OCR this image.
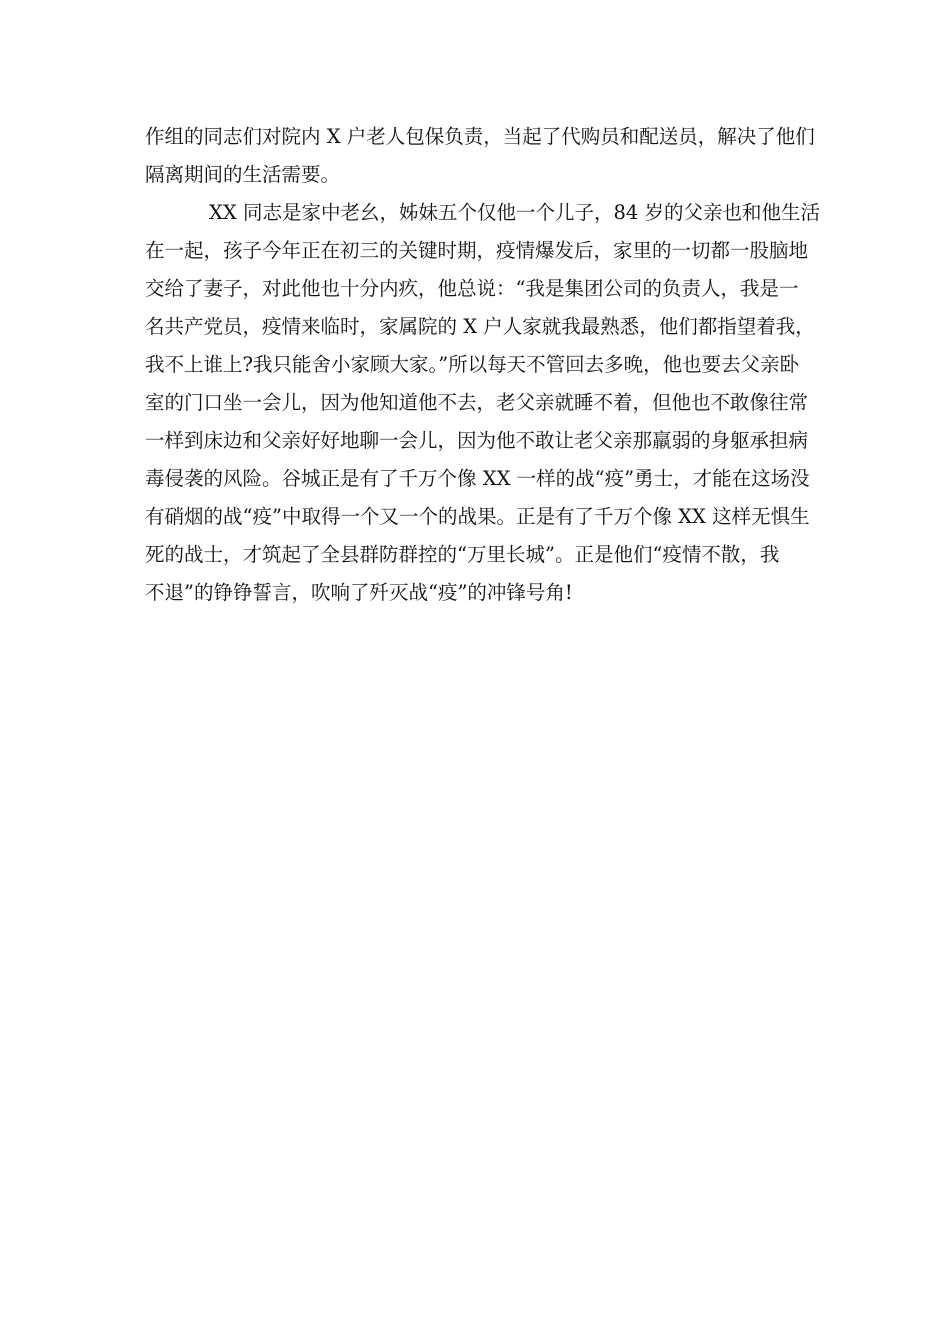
作组的同志们对院内 X 户老人包保负责，当起了代购员和配送员，解决了他们
隔离期间的生活需要。
XX 同志是家中老幺，姊妹五个仅他一个儿子，84 岁的父亲也和他生活
在一起，孩子今年正在初三的关键时期，疫情爆发后，家里的一切都一股脑地
交给了妻子，对此他也十分内疚，他总说：“我是集团公司的负责人，我是一
名共产党员，疫情来临时，家属院的 X 户人家就我最熟悉，他们都指望着我，
我不上谁上?我只能舍小家顾大家。”所以每天不管回去多晚，他也要去父亲卧
室的门口坐一会儿，因为他知道他不去，老父亲就睡不着，但他也不敢像往常
一样到床边和父亲好好地聊一会儿，因为他不敢让老父亲那羸弱的身躯承担病
毒侵袭的风险。谷城正是有了千万个像 XX 一样的战“疫”勇士，才能在这场没
有硝烟的战“疫”中取得一个又一个的战果。正是有了千万个像 XX 这样无惧生
死的战士，才筑起了全县群防群控的“万里长城”。正是他们“疫情不散，我
不退”的铮铮誓言，吹响了歼灭战“疫”的冲锋号角!
